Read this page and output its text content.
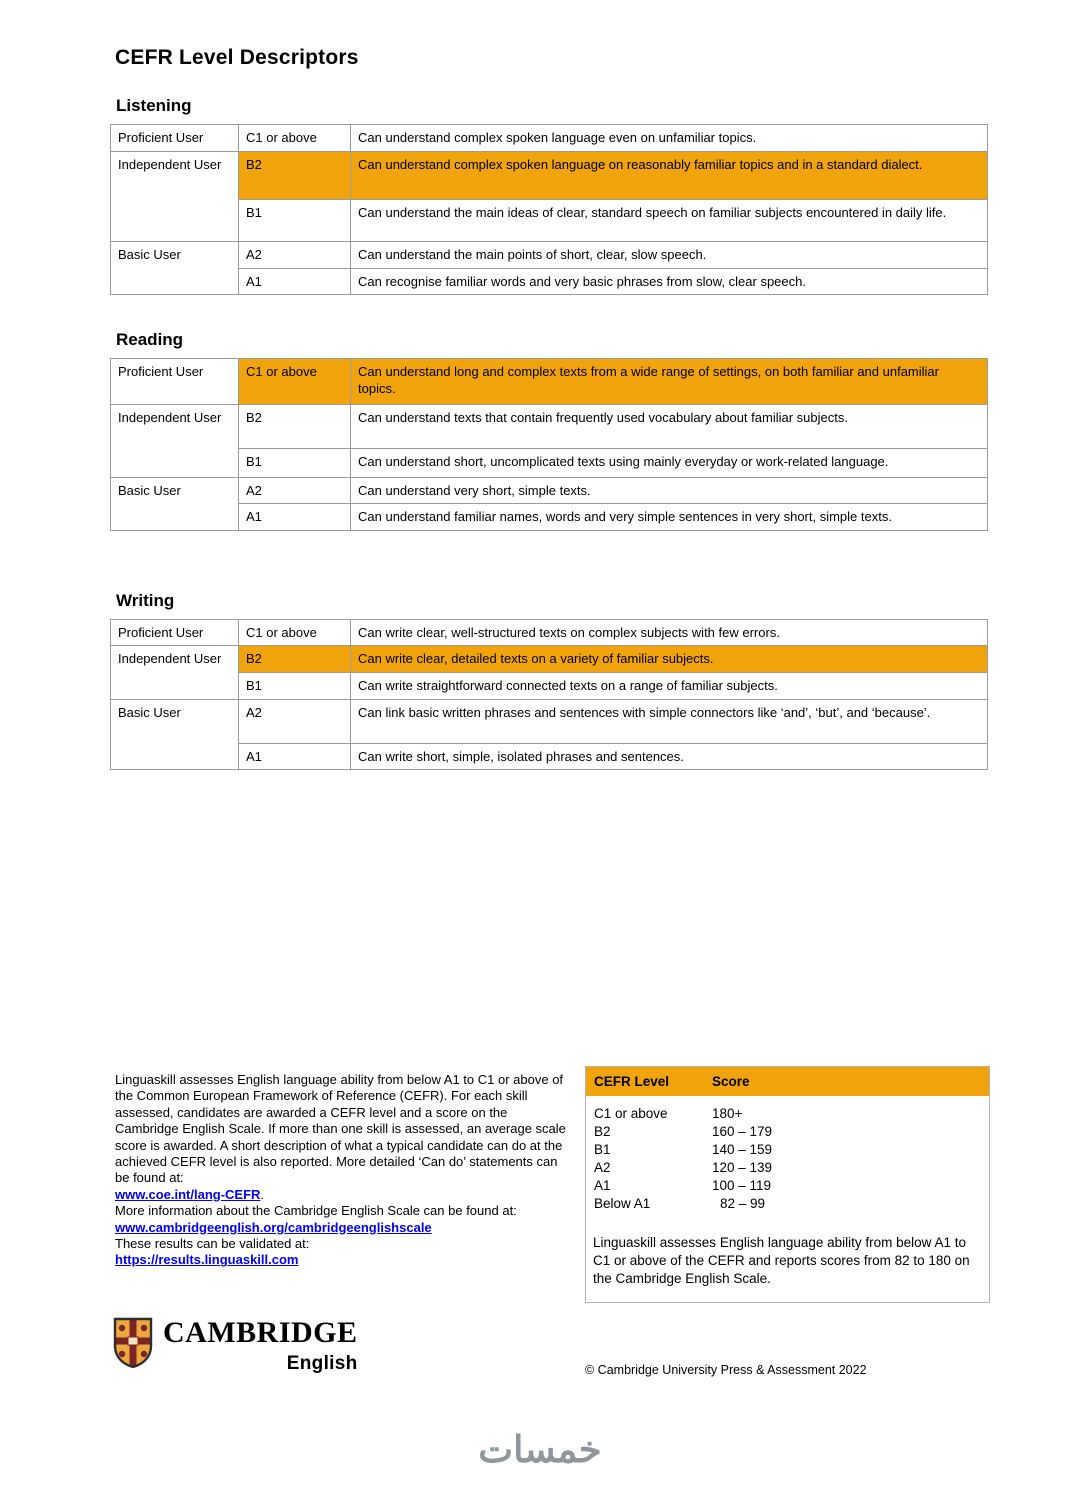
CEFR Level Descriptors
Listening
Proficient User	C1 or above	Can understand complex spoken language even on unfamiliar topics.
Independent User	B2	Can understand complex spoken language on reasonably familiar topics and in a standard dialect.
	B1	Can understand the main ideas of clear, standard speech on familiar subjects encountered in daily life.
Basic User	A2	Can understand the main points of short, clear, slow speech.
	A1	Can recognise familiar words and very basic phrases from slow, clear speech.
Reading
Proficient User	C1 or above	Can understand long and complex texts from a wide range of settings, on both familiar and unfamiliar topics.
Independent User	B2	Can understand texts that contain frequently used vocabulary about familiar subjects.
	B1	Can understand short, uncomplicated texts using mainly everyday or work-related language.
Basic User	A2	Can understand very short, simple texts.
	A1	Can understand familiar names, words and very simple sentences in very short, simple texts.
Writing
Proficient User	C1 or above	Can write clear, well-structured texts on complex subjects with few errors.
Independent User	B2	Can write clear, detailed texts on a variety of familiar subjects.
	B1	Can write straightforward connected texts on a range of familiar subjects.
Basic User	A2	Can link basic written phrases and sentences with simple connectors like ‘and’, ‘but’, and ‘because’.
	A1	Can write short, simple, isolated phrases and sentences.

Linguaskill assesses English language ability from below A1 to C1 or above of the Common European Framework of Reference (CEFR). For each skill assessed, candidates are awarded a CEFR level and a score on the Cambridge English Scale. If more than one skill is assessed, an average scale score is awarded. A short description of what a typical candidate can do at the achieved CEFR level is also reported. More detailed ‘Can do’ statements can be found at:

www.coe.int/lang-CEFR.

More information about the Cambridge English Scale can be found at:

www.cambridgeenglish.org/cambridgeenglishscale

These results can be validated at:

https://results.linguaskill.com

CEFR Level	Score
C1 or above	180+
B2	160 – 179
B1	140 – 159
A2	120 – 139
A1	100 – 119
Below A1	82 – 99

Linguaskill assesses English language ability from below A1 to C1 or above of the CEFR and reports scores from 82 to 180 on the Cambridge English Scale.

CAMBRIDGE
English	© Cambridge University Press & Assessment 2022
خمسات
